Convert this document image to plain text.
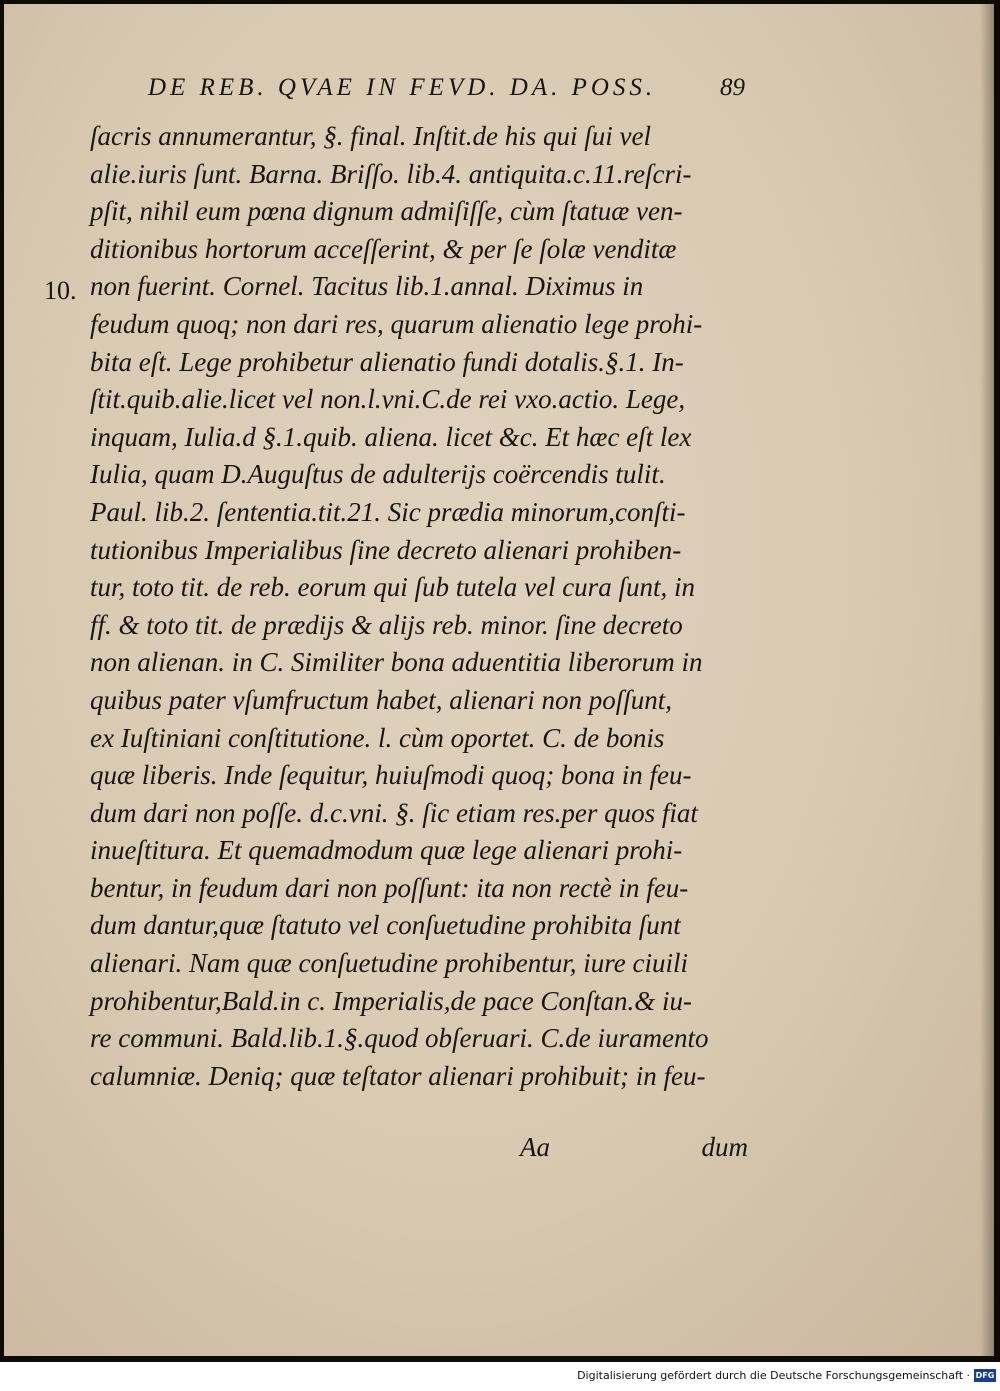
DE REB. QVAE IN FEVD. DA. POSS.	89
10.
ſacris annumerantur, §. final. Inſtit.de his qui ſui vel
alie.iuris ſunt. Barna. Briſſo. lib.4. antiquita.c.11.reſcri‑
pſit, nihil eum pœna dignum admiſiſſe, cùm ſtatuæ ven‑
ditionibus hortorum acceſſerint, & per ſe ſolæ venditæ
non fuerint. Cornel. Tacitus lib.1.annal. Diximus in
feudum quoq; non dari res, quarum alienatio lege prohi‑
bita eſt. Lege prohibetur alienatio fundi dotalis.§.1. In‑
ſtit.quib.alie.licet vel non.l.vni.C.de rei vxo.actio. Lege,
inquam, Iulia.d §.1.quib. aliena. licet &c. Et hæc eſt lex
Iulia, quam D.Auguſtus de adulterijs coërcendis tulit.
Paul. lib.2. ſententia.tit.21. Sic prædia minorum,conſti‑
tutionibus Imperialibus ſine decreto alienari prohiben‑
tur, toto tit. de reb. eorum qui ſub tutela vel cura ſunt, in
ff. & toto tit. de prædijs & alijs reb. minor. ſine decreto
non alienan. in C. Similiter bona aduentitia liberorum in
quibus pater vſumfructum habet, alienari non poſſunt,
ex Iuſtiniani conſtitutione. l. cùm oportet. C. de bonis
quæ liberis. Inde ſequitur, huiuſmodi quoq; bona in feu‑
dum dari non poſſe. d.c.vni. §. ſic etiam res.per quos fiat
inueſtitura. Et quemadmodum quæ lege alienari prohi‑
bentur, in feudum dari non poſſunt: ita non rectè in feu‑
dum dantur,quæ ſtatuto vel conſuetudine prohibita ſunt
alienari. Nam quæ conſuetudine prohibentur, iure ciuili
prohibentur,Bald.in c. Imperialis,de pace Conſtan.& iu‑
re communi. Bald.lib.1.§.quod obſeruari. C.de iuramento
calumniæ. Deniq; quæ teſtator alienari prohibuit; in feu‑
Aa	dum
Digitalisierung gefördert durch die Deutsche Forschungsgemeinschaft · DFG
